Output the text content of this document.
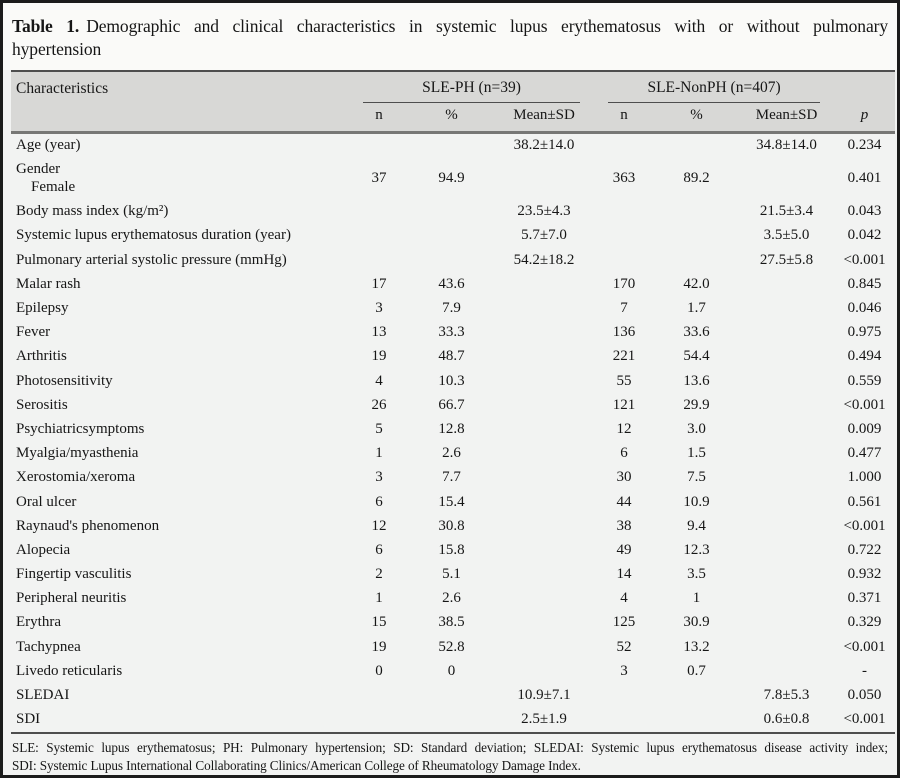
Table 1. Demographic and clinical characteristics in systemic lupus erythematosus with or without pulmonary
hypertension
Characteristics	SLE-PH (n=39)			SLE-NonPH (n=407)			p
	n	%	Mean±SD	n	%	Mean±SD	
Age (year)			38.2±14.0			34.8±14.0	0.234
Gender
Female	37	94.9		363	89.2		0.401
Body mass index (kg/m²)			23.5±4.3			21.5±3.4	0.043
Systemic lupus erythematosus duration (year)			5.7±7.0			3.5±5.0	0.042
Pulmonary arterial systolic pressure (mmHg)			54.2±18.2			27.5±5.8	<0.001
Malar rash	17	43.6		170	42.0		0.845
Epilepsy	3	7.9		7	1.7		0.046
Fever	13	33.3		136	33.6		0.975
Arthritis	19	48.7		221	54.4		0.494
Photosensitivity	4	10.3		55	13.6		0.559
Serositis	26	66.7		121	29.9		<0.001
Psychiatricsymptoms	5	12.8		12	3.0		0.009
Myalgia/myasthenia	1	2.6		6	1.5		0.477
Xerostomia/xeroma	3	7.7		30	7.5		1.000
Oral ulcer	6	15.4		44	10.9		0.561
Raynaud's phenomenon	12	30.8		38	9.4		<0.001
Alopecia	6	15.8		49	12.3		0.722
Fingertip vasculitis	2	5.1		14	3.5		0.932
Peripheral neuritis	1	2.6		4	1		0.371
Erythra	15	38.5		125	30.9		0.329
Tachypnea	19	52.8		52	13.2		<0.001
Livedo reticularis	0	0		3	0.7		-
SLEDAI			10.9±7.1			7.8±5.3	0.050
SDI			2.5±1.9			0.6±0.8	<0.001
SLE: Systemic lupus erythematosus; PH: Pulmonary hypertension; SD: Standard deviation; SLEDAI: Systemic lupus erythematosus disease activity index;
SDI: Systemic Lupus International Collaborating Clinics/American College of Rheumatology Damage Index.
